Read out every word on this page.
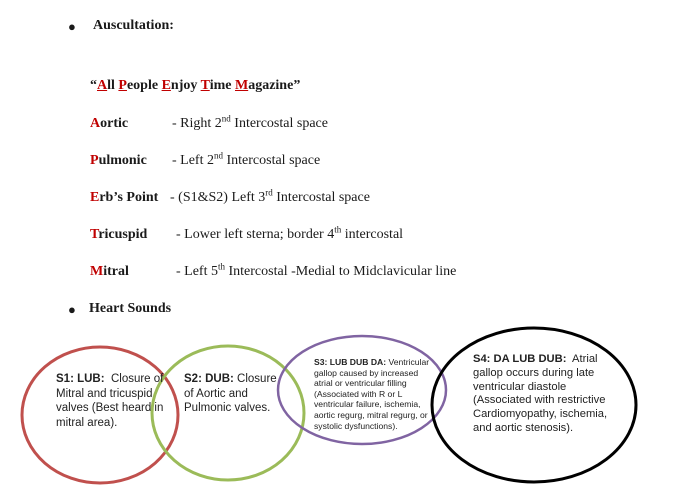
● Auscultation:
“All People Enjoy Time Magazine”
Aortic	- Right 2nd Intercostal space
Pulmonic - Left 2nd Intercostal space
Erb’s Point - (S1&S2) Left 3rd Intercostal space
Tricuspid - Lower left sterna; border 4th intercostal
Mitral	- Left 5th Intercostal -Medial to Midclavicular line
● Heart Sounds
S1: LUB: Closure of Mitral and tricuspid valves (Best heard in mitral area).
S2: DUB: Closure of Aortic and Pulmonic valves.
S3: LUB DUB DA: Ventricular gallop caused by increased atrial or ventricular filling (Associated with R or L ventricular failure, ischemia, aortic regurg, mitral regurg, or systolic dysfunctions).
S4: DA LUB DUB: Atrial gallop occurs during late ventricular diastole (Associated with restrictive Cardiomyopathy, ischemia, and aortic stenosis).
